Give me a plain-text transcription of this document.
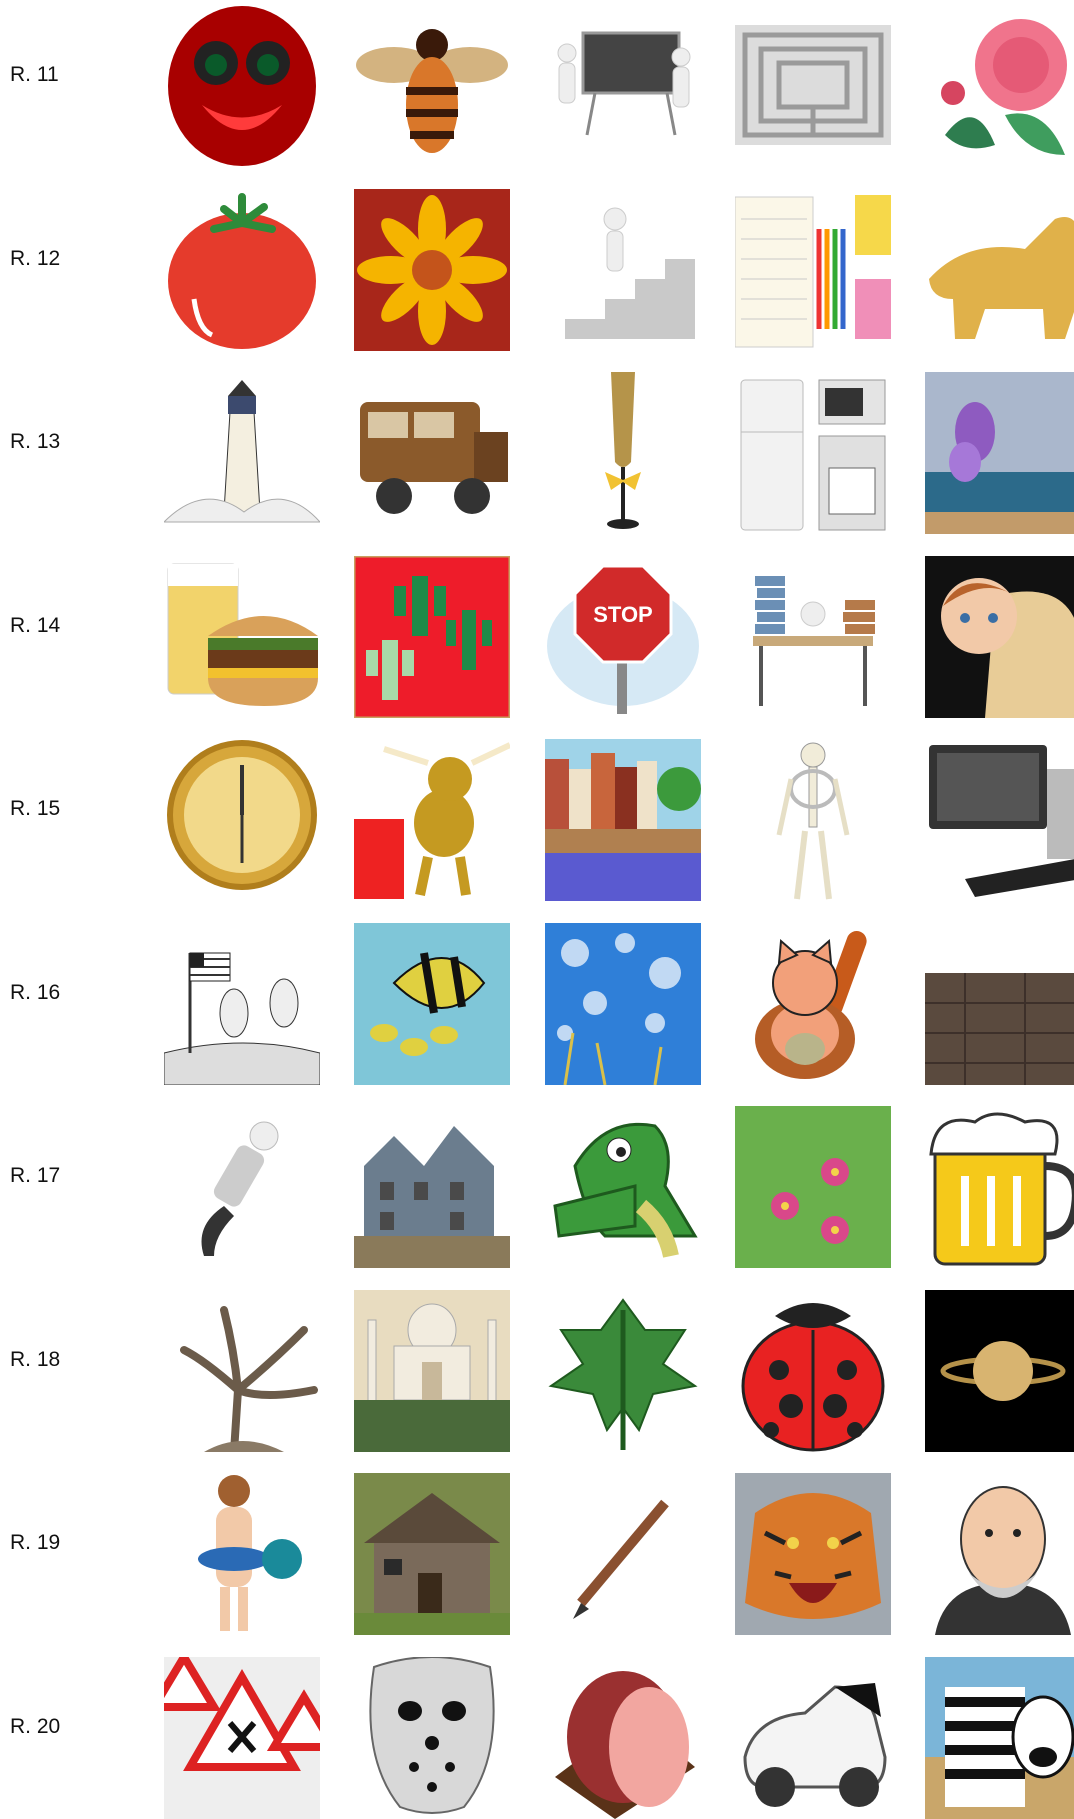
R. 11
R. 12
R. 13
R. 14	STOP
R. 15
R. 16
R. 17
R. 18
R. 19
R. 20
